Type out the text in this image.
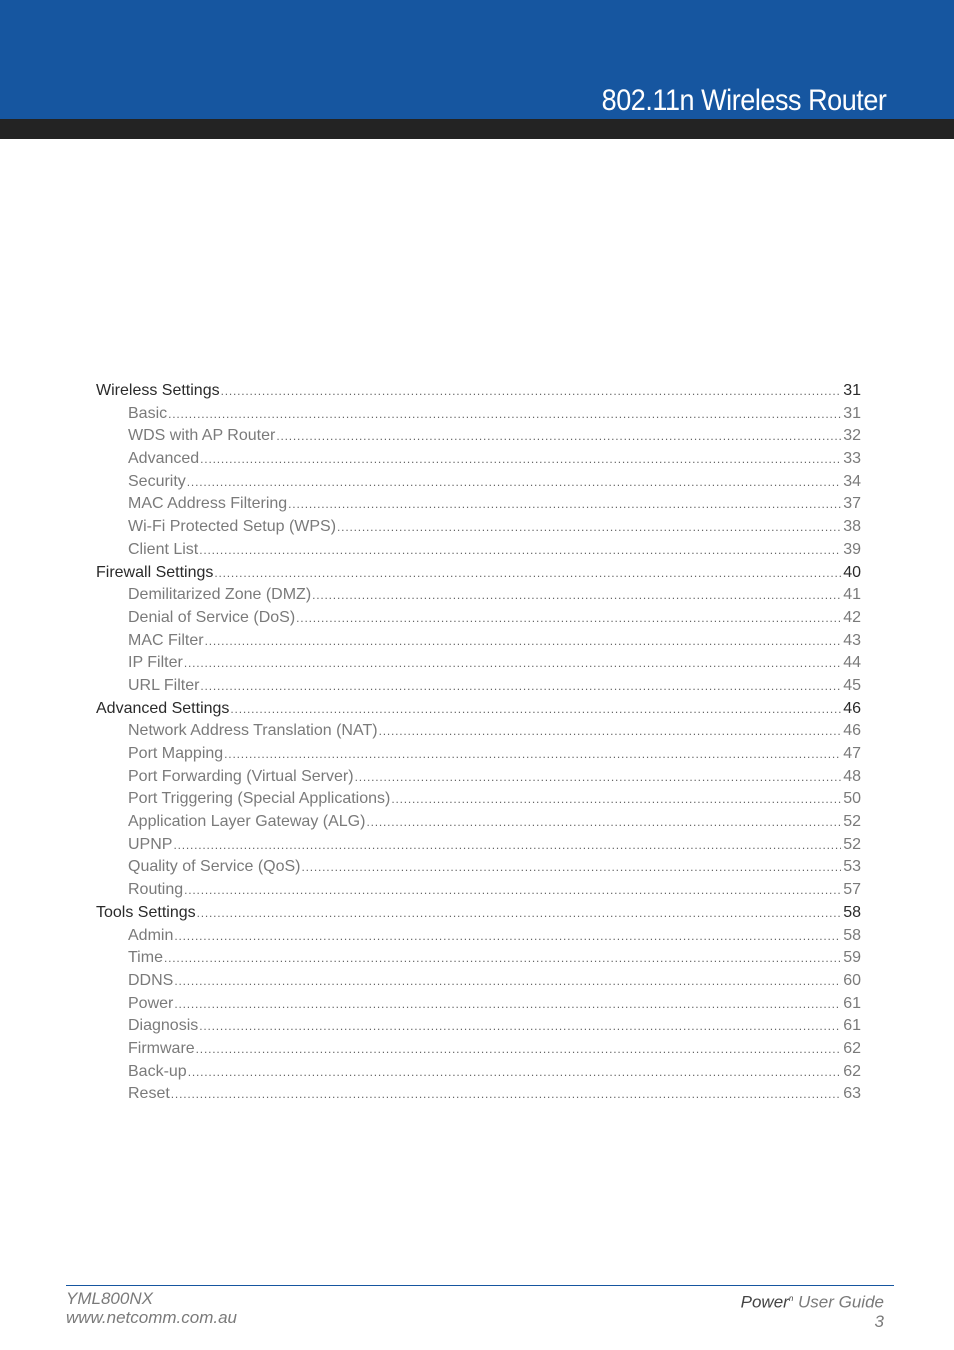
802.11n Wireless Router
Wireless Settings .....	31
Basic .....	31
WDS with AP Router .....	32
Advanced .....	33
Security .....	34
MAC Address Filtering .....	37
Wi-Fi Protected Setup (WPS) .....	38
Client List .....	39
Firewall Settings .....	40
Demilitarized Zone (DMZ) .....	41
Denial of Service (DoS) .....	42
MAC Filter .....	43
IP Filter .....	44
URL Filter .....	45
Advanced Settings .....	46
Network Address Translation (NAT) .....	46
Port Mapping .....	47
Port Forwarding (Virtual Server) .....	48
Port Triggering (Special Applications) .....	50
Application Layer Gateway (ALG) .....	52
UPNP .....	52
Quality of Service (QoS) .....	53
Routing .....	57
Tools Settings .....	58
Admin .....	58
Time .....	59
DDNS .....	60
Power .....	61
Diagnosis .....	61
Firmware .....	62
Back-up .....	62
Reset .....	63
YML800NX
www.netcomm.com.au
Power$^n$ User Guide
3
